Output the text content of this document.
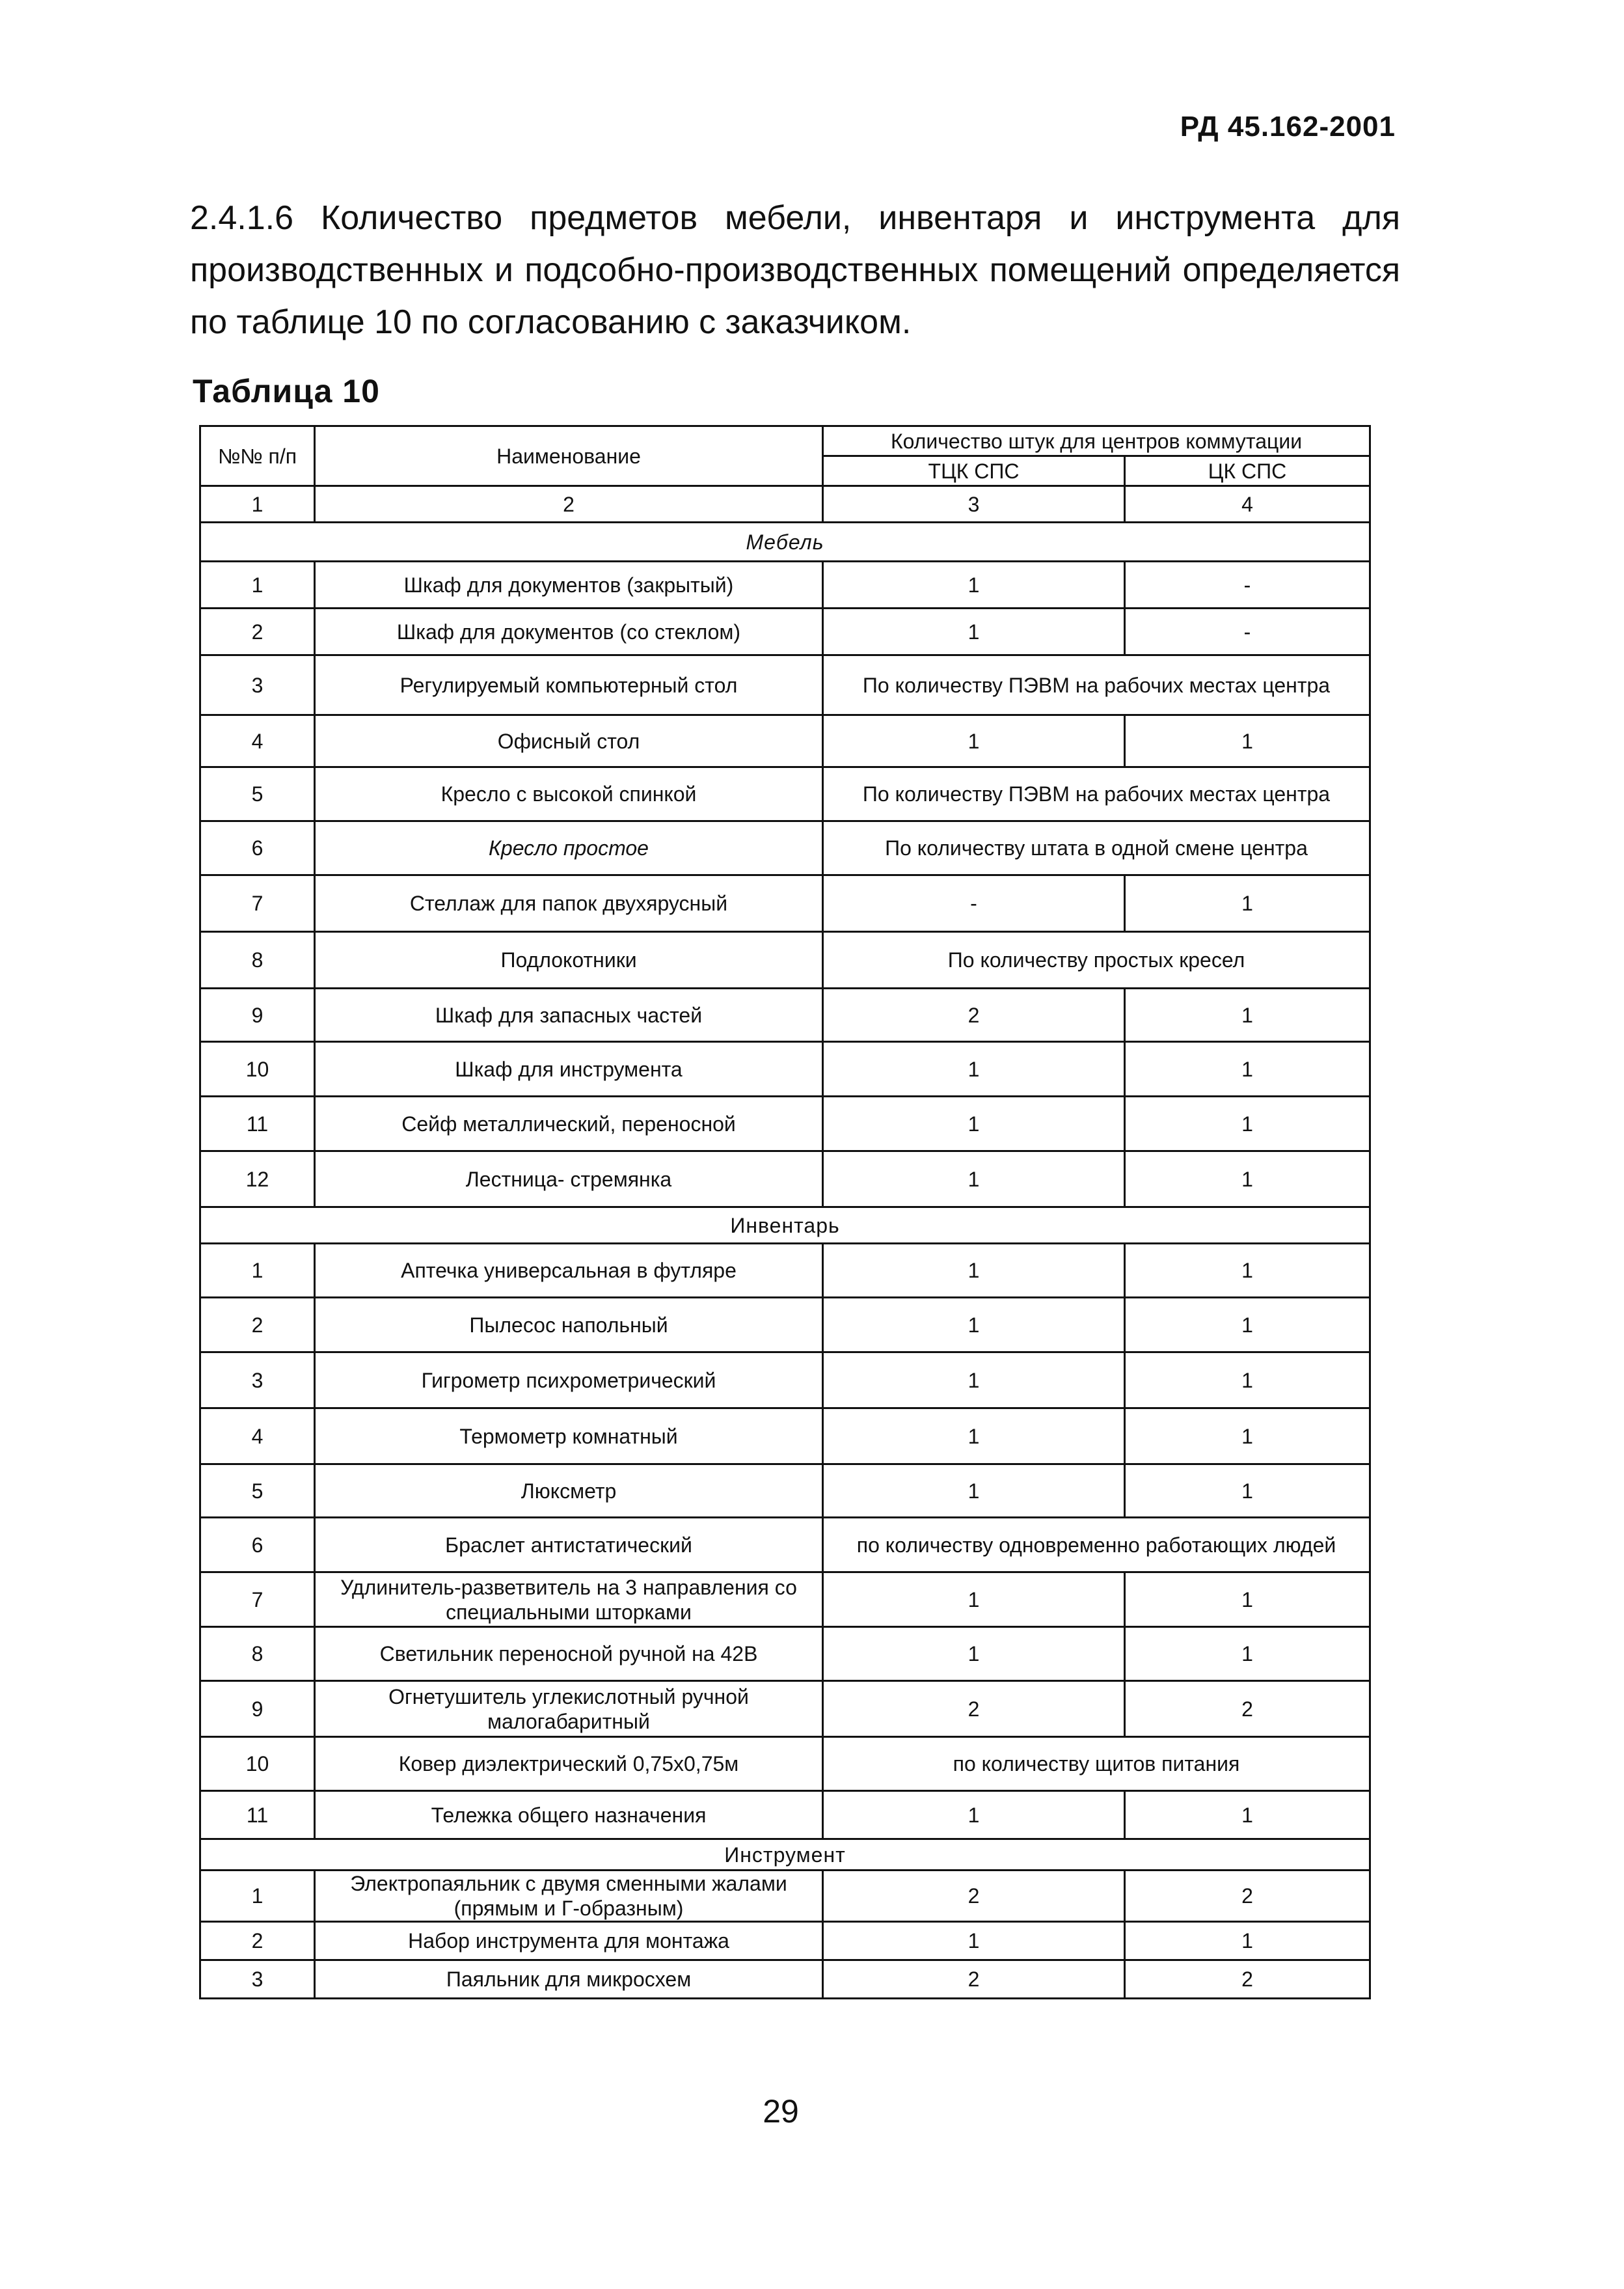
РД 45.162-2001
2.4.1.6 Количество предметов мебели, инвентаря и инструмента для производственных и подсобно-производственных помещений определяется по таблице 10 по согласованию с заказчиком.
Таблица 10
№№ п/п	Наименование	Количество штук для центров коммутации	
		ТЦК СПС	ЦК СПС
1	2	3	4
Мебель			
1	Шкаф для документов (закрытый)	1	-
2	Шкаф для документов (со стеклом)	1	-
3	Регулируемый компьютерный стол	По количеству ПЭВМ на рабочих местах центра	
4	Офисный стол	1	1
5	Кресло с высокой спинкой	По количеству ПЭВМ на рабочих местах центра	
6	Кресло простое	По количеству штата в одной смене центра	
7	Стеллаж для папок двухярусный	-	1
8	Подлокотники	По количеству простых кресел	
9	Шкаф для запасных частей	2	1
10	Шкаф для инструмента	1	1
11	Сейф металлический, переносной	1	1
12	Лестница- стремянка	1	1
Инвентарь			
1	Аптечка универсальная в футляре	1	1
2	Пылесос напольный	1	1
3	Гигрометр психрометрический	1	1
4	Термометр комнатный	1	1
5	Люксметр	1	1
6	Браслет антистатический	по количеству одновременно работающих людей	
7	Удлинитель-разветвитель на 3 направления со специальными шторками	1	1
8	Светильник переносной ручной на 42В	1	1
9	Огнетушитель углекислотный ручной малогабаритный	2	2
10	Ковер диэлектрический 0,75х0,75м	по количеству щитов питания	
11	Тележка общего назначения	1	1
Инструмент			
1	Электропаяльник с двумя сменными жалами (прямым и Г-образным)	2	2
2	Набор инструмента для монтажа	1	1
3	Паяльник для микросхем	2	2
29
